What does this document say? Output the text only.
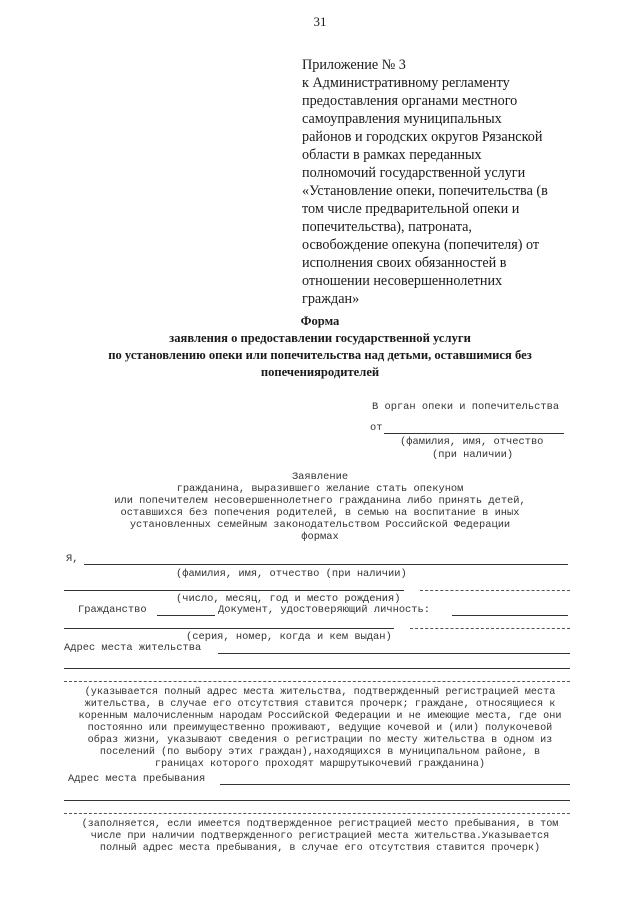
31
Приложение № 3
к Административному регламенту
предоставления органами местного
самоуправления муниципальных
районов и городских округов Рязанской
области в рамках переданных
полномочий государственной услуги
«Установление опеки, попечительства (в
том числе предварительной опеки и
попечительства), патроната,
освобождение опекуна (попечителя) от
исполнения своих обязанностей в
отношении несовершеннолетних
граждан»
Форма
заявления о предоставлении государственной услуги
по установлению опеки или попечительства над детьми, оставшимися без
попеченияродителей
В орган опеки и попечительства
от
(фамилия, имя, отчество
(при наличии)
Заявление
гражданина, выразившего желание стать опекуном
или попечителем несовершеннолетнего гражданина либо принять детей,
оставшихся без попечения родителей, в семью на воспитание в иных
установленных семейным законодательством Российской Федерации
формах
Я,
(фамилия, имя, отчество (при наличии)
(число, месяц, год и место рождения)
Гражданство	Документ, удостоверяющий личность:
(серия, номер, когда и кем выдан)
Адрес места жительства
(указывается полный адрес места жительства, подтвержденный регистрацией места
жительства, в случае его отсутствия ставится прочерк; граждане, относящиеся к
коренным малочисленным народам Российской Федерации и не имеющие места, где они
постоянно или преимущественно проживают, ведущие кочевой и (или) полукочевой
образ жизни, указывают сведения о регистрации по месту жительства в одном из
поселений (по выбору этих граждан),находящихся в муниципальном районе, в
границах которого проходят маршрутыкочевий гражданина)
Адрес места пребывания
(заполняется, если имеется подтвержденное регистрацией место пребывания, в том
числе при наличии подтвержденного регистрацией места жительства.Указывается
полный адрес места пребывания, в случае его отсутствия ставится прочерк)
